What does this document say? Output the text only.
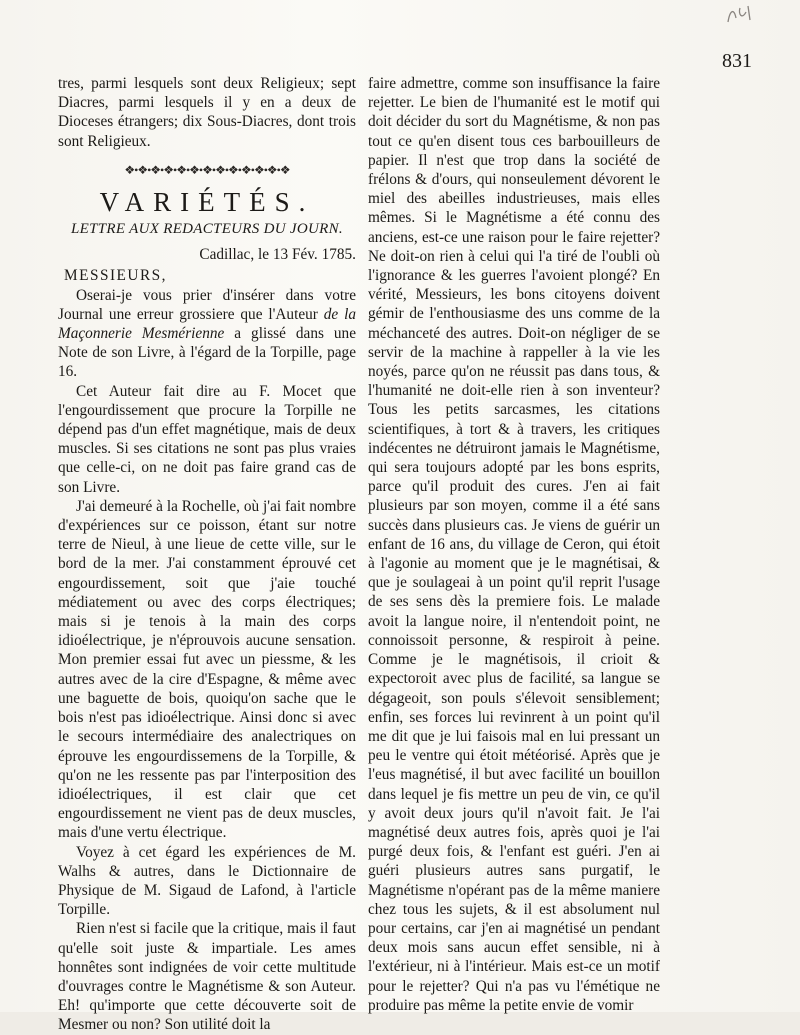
831

tres, parmi lesquels sont deux Religieux; sept Diacres, parmi lesquels il y en a deux de Dioceses étrangers; dix Sous-Diacres, dont trois sont Religieux.

❖•❖•❖•❖•❖•❖•❖•❖•❖•❖•❖•❖•❖
VARIÉTÉS.
LETTRE AUX REDACTEURS DU JOURN.
Cadillac, le 13 Fév. 1785.
MESSIEURS,

Oserai-je vous prier d'insérer dans votre Journal une erreur grossiere que l'Auteur de la Maçonnerie Mesmérienne a glissé dans une Note de son Livre, à l'égard de la Torpille, page 16.

Cet Auteur fait dire au F. Mocet que l'engourdissement que procure la Torpille ne dépend pas d'un effet magnétique, mais de deux muscles. Si ses citations ne sont pas plus vraies que celle-ci, on ne doit pas faire grand cas de son Livre.

J'ai demeuré à la Rochelle, où j'ai fait nombre d'expériences sur ce poisson, étant sur notre terre de Nieul, à une lieue de cette ville, sur le bord de la mer. J'ai constamment éprouvé cet engourdissement, soit que j'aie touché médiatement ou avec des corps électriques; mais si je tenois à la main des corps idioélectrique, je n'éprouvois aucune sensation. Mon premier essai fut avec un piessme, & les autres avec de la cire d'Espagne, & même avec une baguette de bois, quoiqu'on sache que le bois n'est pas idioélectrique. Ainsi donc si avec le secours intermédiaire des analectriques on éprouve les engourdissemens de la Torpille, & qu'on ne les ressente pas par l'interposition des idioélectriques, il est clair que cet engourdissement ne vient pas de deux muscles, mais d'une vertu électrique.

Voyez à cet égard les expériences de M. Walhs & autres, dans le Dictionnaire de Physique de M. Sigaud de Lafond, à l'article Torpille.

Rien n'est si facile que la critique, mais il faut qu'elle soit juste & impartiale. Les ames honnêtes sont indignées de voir cette multitude d'ouvrages contre le Magnétisme & son Auteur. Eh! qu'importe que cette découverte soit de Mesmer ou non? Son utilité doit la

faire admettre, comme son insuffisance la faire rejetter. Le bien de l'humanité est le motif qui doit décider du sort du Magnétisme, & non pas tout ce qu'en disent tous ces barbouilleurs de papier. Il n'est que trop dans la société de frélons & d'ours, qui nonseulement dévorent le miel des abeilles industrieuses, mais elles mêmes. Si le Magnétisme a été connu des anciens, est-ce une raison pour le faire rejetter? Ne doit-on rien à celui qui l'a tiré de l'oubli où l'ignorance & les guerres l'avoient plongé? En vérité, Messieurs, les bons citoyens doivent gémir de l'enthousiasme des uns comme de la méchanceté des autres. Doit-on négliger de se servir de la machine à rappeller à la vie les noyés, parce qu'on ne réussit pas dans tous, & l'humanité ne doit-elle rien à son inventeur? Tous les petits sarcasmes, les citations scientifiques, à tort & à travers, les critiques indécentes ne détruiront jamais le Magnétisme, qui sera toujours adopté par les bons esprits, parce qu'il produit des cures. J'en ai fait plusieurs par son moyen, comme il a été sans succès dans plusieurs cas. Je viens de guérir un enfant de 16 ans, du village de Ceron, qui étoit à l'agonie au moment que je le magnétisai, & que je soulageai à un point qu'il reprit l'usage de ses sens dès la premiere fois. Le malade avoit la langue noire, il n'entendoit point, ne connoissoit personne, & respiroit à peine. Comme je le magnétisois, il crioit & expectoroit avec plus de facilité, sa langue se dégageoit, son pouls s'élevoit sensiblement; enfin, ses forces lui revinrent à un point qu'il me dit que je lui faisois mal en lui pressant un peu le ventre qui étoit météorisé. Après que je l'eus magnétisé, il but avec facilité un bouillon dans lequel je fis mettre un peu de vin, ce qu'il y avoit deux jours qu'il n'avoit fait. Je l'ai magnétisé deux autres fois, après quoi je l'ai purgé deux fois, & l'enfant est guéri. J'en ai guéri plusieurs autres sans purgatif, le Magnétisme n'opérant pas de la même maniere chez tous les sujets, & il est absolument nul pour certains, car j'en ai magnétisé un pendant deux mois sans aucun effet sensible, ni à l'extérieur, ni à l'intérieur. Mais est-ce un motif pour le rejetter? Qui n'a pas vu l'émétique ne produire pas même la petite envie de vomir
